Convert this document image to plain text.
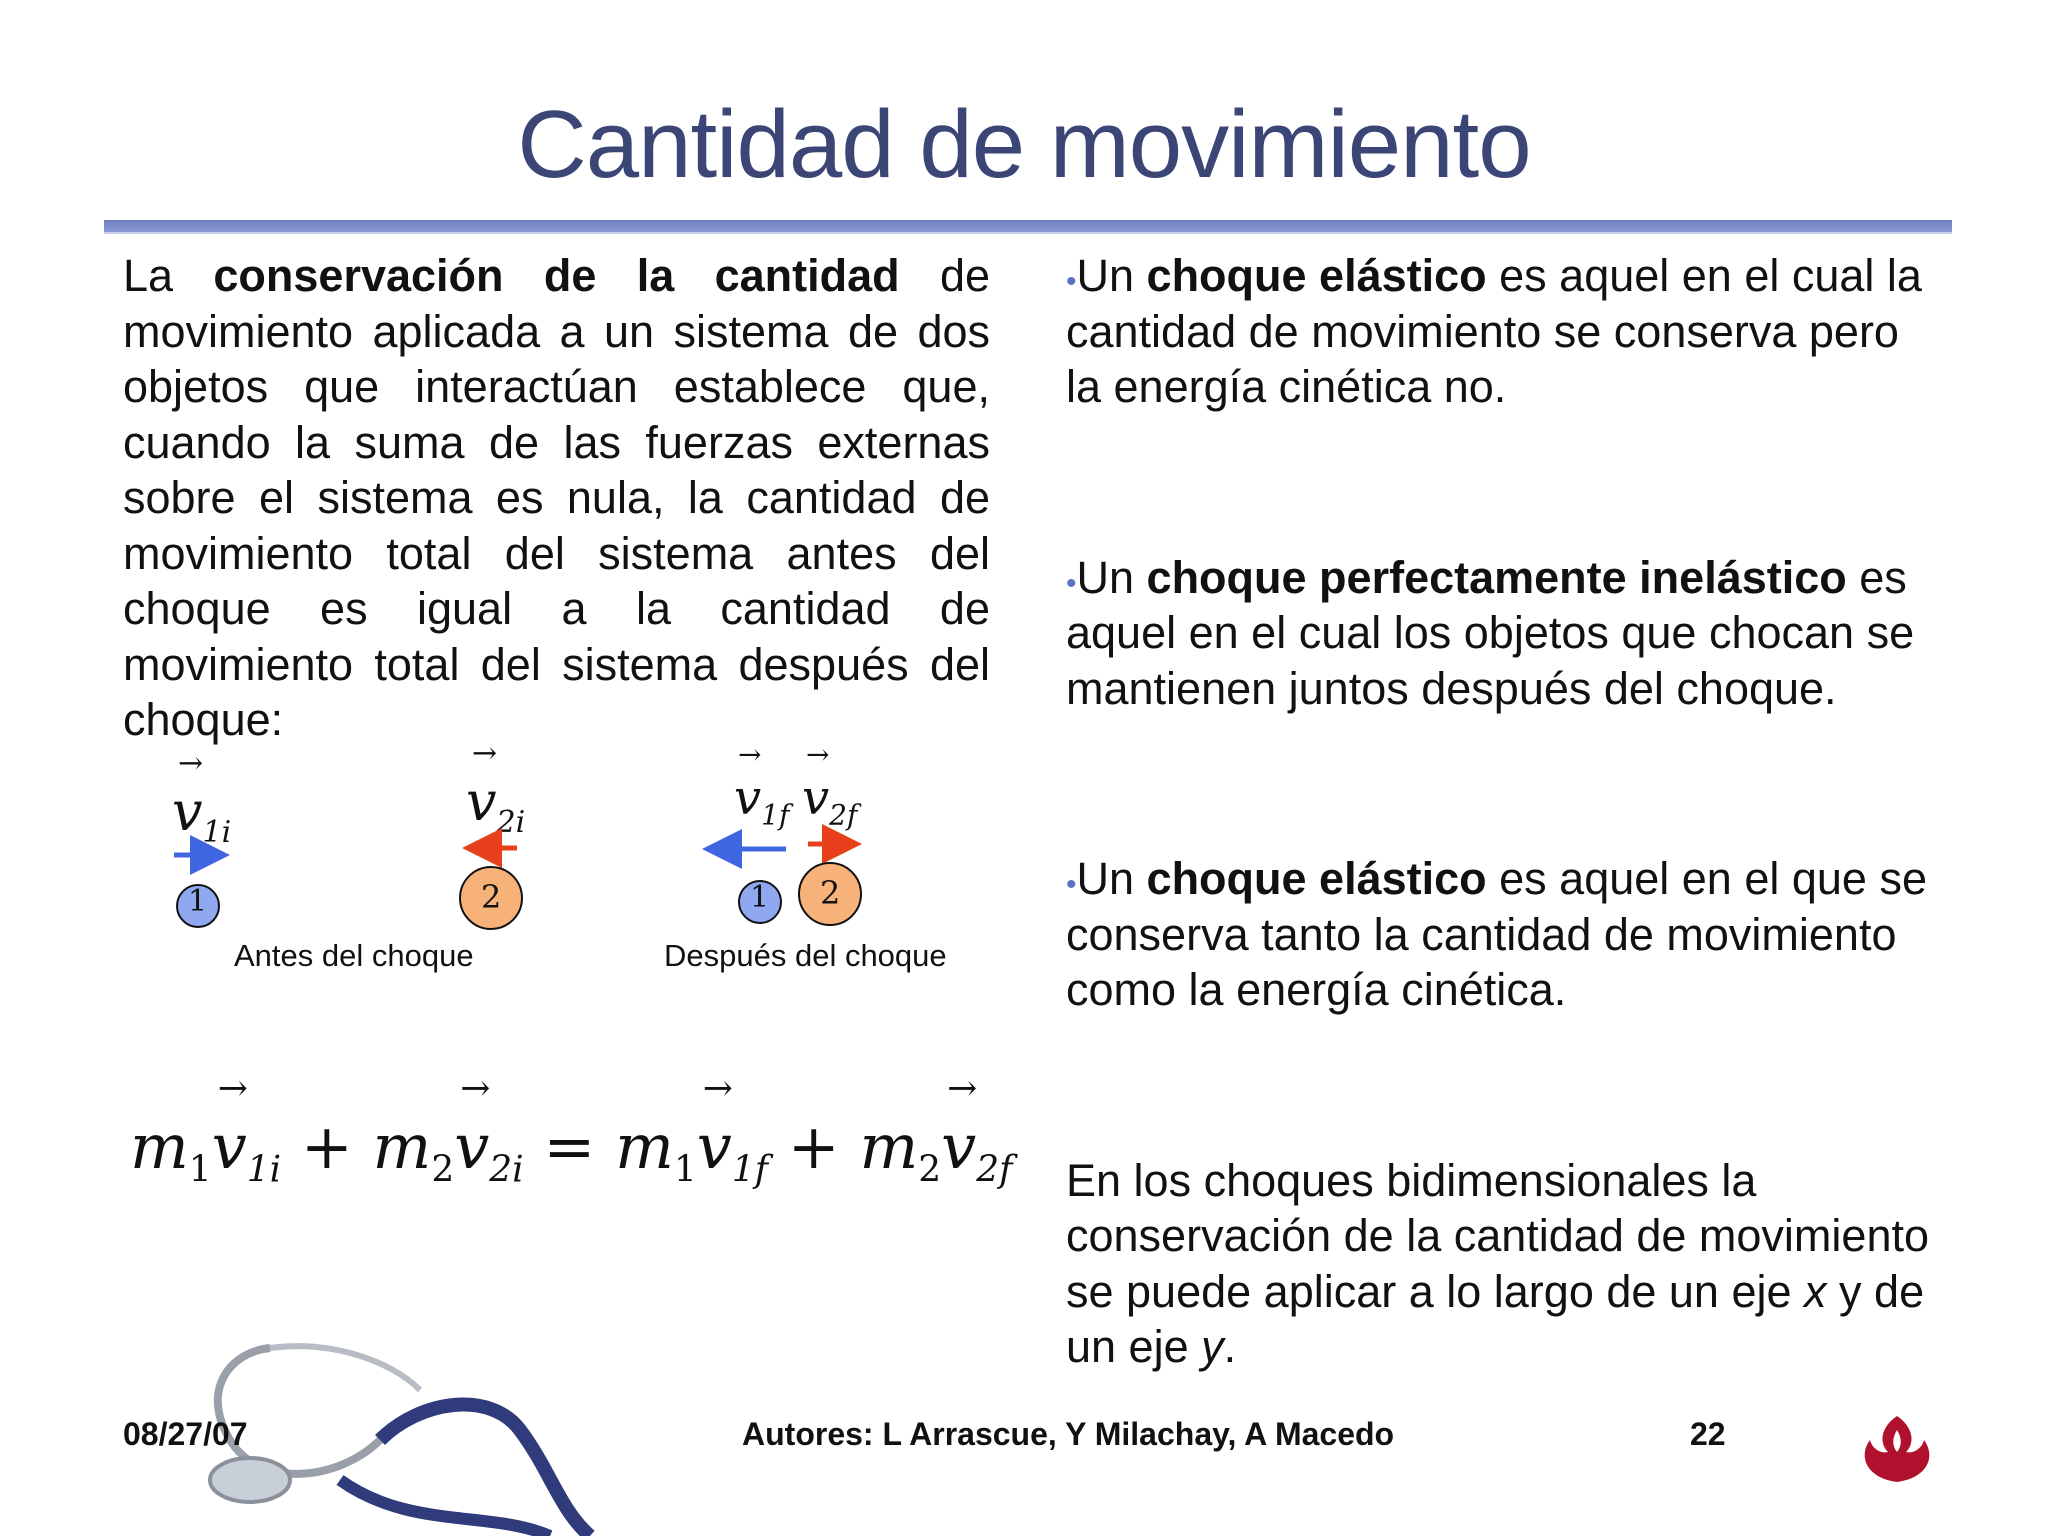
Cantidad de movimiento
La conservación de la cantidad de movimiento aplicada a un sistema de dos objetos que interactúan establece que, cuando la suma de las fuerzas externas sobre el sistema es nula, la cantidad de movimiento total del sistema antes del choque es igual a la cantidad de movimiento total del sistema después del choque:
→
$v_{1i}$
→
$v_{2i}$
→
$v_{1f}$
→
$v_{2f}$
1	2	1 2
Antes del choque	Después del choque
$m_1$
→
$v_{1i} + m_2$
→
$v_{2i} = m_1$
→
$v_{1f} + m_2$
→
$v_{2f}$
•Un choque elástico es aquel en el cual la cantidad de movimiento se conserva pero la energía cinética no.
•Un choque perfectamente inelástico es aquel en el cual los objetos que chocan se mantienen juntos después del choque.
•Un choque elástico es aquel en el que se conserva tanto la cantidad de movimiento como la energía cinética.
En los choques bidimensionales la conservación de la cantidad de movimiento se puede aplicar a lo largo de un eje x y de un eje y.
08/27/07	Autores: L Arrascue, Y Milachay, A Macedo	22
